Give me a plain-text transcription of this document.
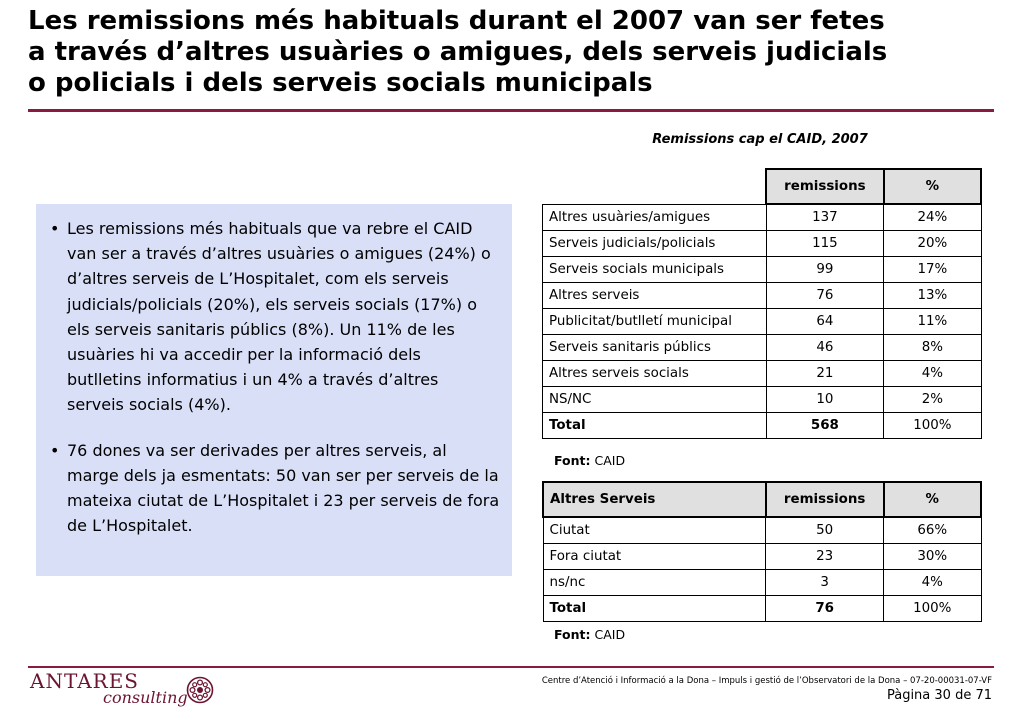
Les remissions més habituals durant el 2007 van ser fetes
a través d’altres usuàries o amigues, dels serveis judicials
o policials i dels serveis socials municipals

• Les remissions més habituals que va rebre el CAID van ser a través d’altres usuàries o amigues (24%) o d’altres serveis de L’Hospitalet, com els serveis judicials/policials (20%), els serveis socials (17%) o els serveis sanitaris públics (8%). Un 11% de les usuàries hi va accedir per la informació dels butlletins informatius i un 4% a través d’altres serveis socials (4%).

• 76 dones va ser derivades per altres serveis, al marge dels ja esmentats: 50 van ser per serveis de la mateixa ciutat de L’Hospitalet i 23 per serveis de fora de L’Hospitalet.

Remissions cap el CAID, 2007
	remissions	%
Altres usuàries/amigues	137	24%
Serveis judicials/policials	115	20%
Serveis socials municipals	99	17%
Altres serveis	76	13%
Publicitat/butlletí municipal	64	11%
Serveis sanitaris públics	46	8%
Altres serveis socials	21	4%
NS/NC	10	2%
Total	568	100%
Font: CAID
Altres Serveis	remissions	%
Ciutat	50	66%
Fora ciutat	23	30%
ns/nc	3	4%
Total	76	100%
Font: CAID
ANTARES
consulting
Centre d’Atenció i Informació a la Dona – Impuls i gestió de l’Observatori de la Dona – 07-20-00031-07-VF
Pàgina 30 de 71
